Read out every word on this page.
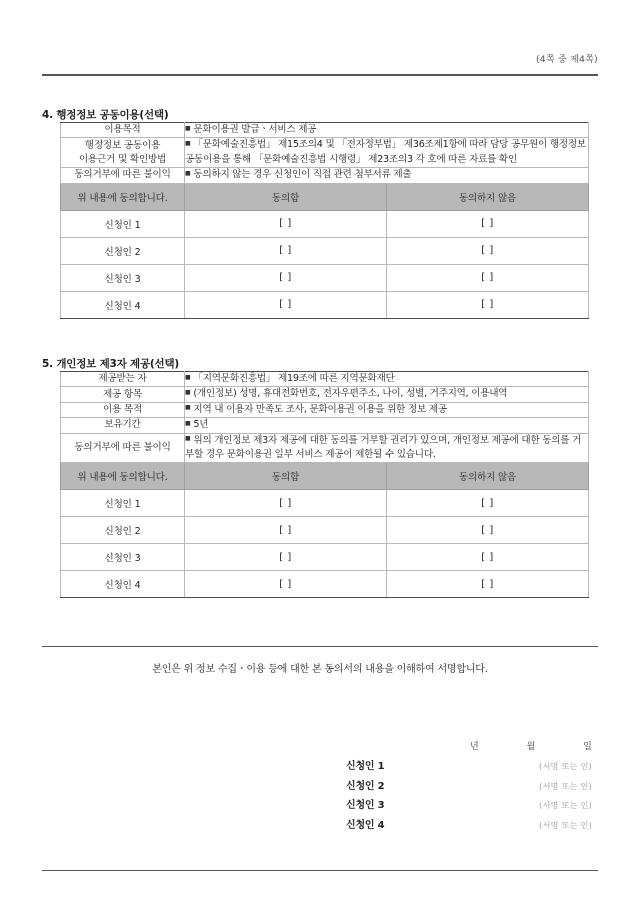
(4쪽 중 제4쪽)
4. 행정정보 공동이용(선택)
이용목적	■ 문화이용권 발급ㆍ서비스 제공	
행정정보 공동이용
이용근거 및 확인방법	■ 「문화예술진흥법」 제15조의4 및 「전자정부법」 제36조제1항에 따라 담당 공무원이 행정정보 공동이용을 통해 「문화예술진흥법 시행령」 제23조의3 각 호에 따른 자료를 확인	
동의거부에 따른 불이익	■ 동의하지 않는 경우 신청인이 직접 관련 첨부서류 제출	
위 내용에 동의합니다.	동의함	동의하지 않음
신청인 1	[ ]	[ ]
신청인 2	[ ]	[ ]
신청인 3	[ ]	[ ]
신청인 4	[ ]	[ ]
5. 개인정보 제3자 제공(선택)
제공받는 자	■ 「지역문화진흥법」 제19조에 따른 지역문화재단	
제공 항목	■ (개인정보) 성명, 휴대전화번호, 전자우편주소, 나이, 성별, 거주지역, 이용내역	
이용 목적	■ 지역 내 이용자 만족도 조사, 문화이용권 이용을 위한 정보 제공	
보유기간	■ 5년	
동의거부에 따른 불이익	■ 위의 개인정보 제3자 제공에 대한 동의를 거부할 권리가 있으며, 개인정보 제공에 대한 동의를 거부할 경우 문화이용권 일부 서비스 제공이 제한될 수 있습니다.	
위 내용에 동의합니다.	동의함	동의하지 않음
신청인 1	[ ]	[ ]
신청인 2	[ ]	[ ]
신청인 3	[ ]	[ ]
신청인 4	[ ]	[ ]
본인은 위 정보 수집ㆍ이용 등에 대한 본 동의서의 내용을 이해하여 서명합니다.
년	월	일
신청인 1	(서명 또는 인)
신청인 2	(서명 또는 인)
신청인 3	(서명 또는 인)
신청인 4	(서명 또는 인)
